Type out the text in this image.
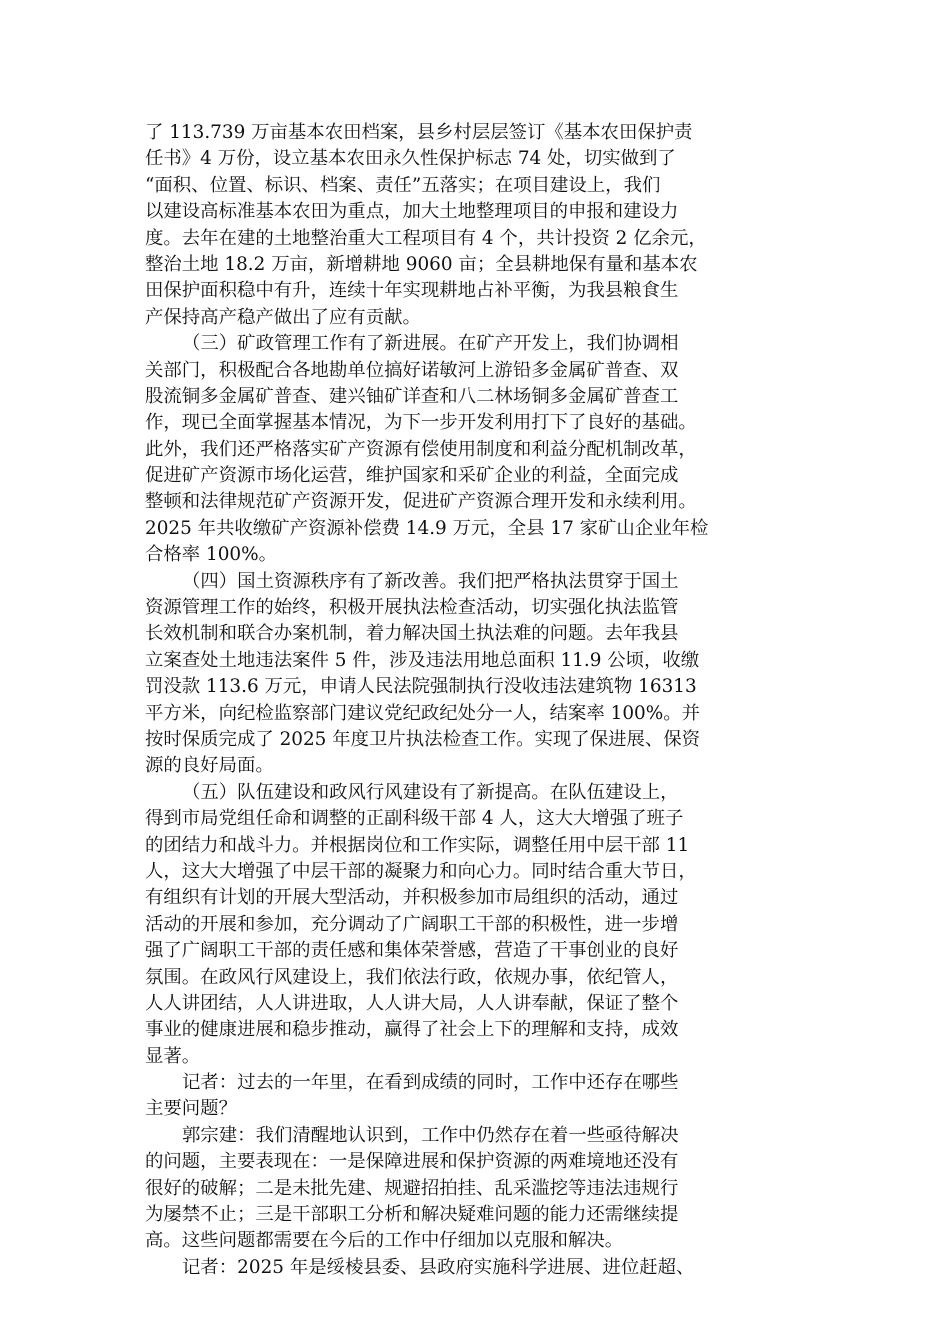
了 113.739 万亩基本农田档案，县乡村层层签订《基本农田保护责
任书》4 万份，设立基本农田永久性保护标志 74 处，切实做到了
“面积、位置、标识、档案、责任”五落实；在项目建设上，我们
以建设高标准基本农田为重点，加大土地整理项目的申报和建设力
度。去年在建的土地整治重大工程项目有 4 个，共计投资 2 亿余元，
整治土地 18.2 万亩，新增耕地 9060 亩；全县耕地保有量和基本农
田保护面积稳中有升，连续十年实现耕地占补平衡，为我县粮食生
产保持高产稳产做出了应有贡献。
（三）矿政管理工作有了新进展。在矿产开发上，我们协调相
关部门，积极配合各地勘单位搞好诺敏河上游铅多金属矿普查、双
股流铜多金属矿普查、建兴铀矿详查和八二林场铜多金属矿普查工
作，现已全面掌握基本情况，为下一步开发利用打下了良好的基础。
此外，我们还严格落实矿产资源有偿使用制度和利益分配机制改革，
促进矿产资源市场化运营，维护国家和采矿企业的利益，全面完成
整顿和法律规范矿产资源开发，促进矿产资源合理开发和永续利用。
2025 年共收缴矿产资源补偿费 14.9 万元，全县 17 家矿山企业年检
合格率 100%。
（四）国土资源秩序有了新改善。我们把严格执法贯穿于国土
资源管理工作的始终，积极开展执法检查活动，切实强化执法监管
长效机制和联合办案机制，着力解决国土执法难的问题。去年我县
立案查处土地违法案件 5 件，涉及违法用地总面积 11.9 公顷，收缴
罚没款 113.6 万元，申请人民法院强制执行没收违法建筑物 16313
平方米，向纪检监察部门建议党纪政纪处分一人，结案率 100%。并
按时保质完成了 2025 年度卫片执法检查工作。实现了保进展、保资
源的良好局面。
（五）队伍建设和政风行风建设有了新提高。在队伍建设上，
得到市局党组任命和调整的正副科级干部 4 人，这大大增强了班子
的团结力和战斗力。并根据岗位和工作实际，调整任用中层干部 11
人，这大大增强了中层干部的凝聚力和向心力。同时结合重大节日，
有组织有计划的开展大型活动，并积极参加市局组织的活动，通过
活动的开展和参加，充分调动了广阔职工干部的积极性，进一步增
强了广阔职工干部的责任感和集体荣誉感，营造了干事创业的良好
氛围。在政风行风建设上，我们依法行政，依规办事，依纪管人，
人人讲团结，人人讲进取，人人讲大局，人人讲奉献，保证了整个
事业的健康进展和稳步推动，赢得了社会上下的理解和支持，成效
显著。
记者：过去的一年里，在看到成绩的同时，工作中还存在哪些
主要问题？
郭宗建：我们清醒地认识到，工作中仍然存在着一些亟待解决
的问题，主要表现在：一是保障进展和保护资源的两难境地还没有
很好的破解；二是未批先建、规避招拍挂、乱采滥挖等违法违规行
为屡禁不止；三是干部职工分析和解决疑难问题的能力还需继续提
高。这些问题都需要在今后的工作中仔细加以克服和解决。
记者：2025 年是绥棱县委、县政府实施科学进展、进位赶超、
